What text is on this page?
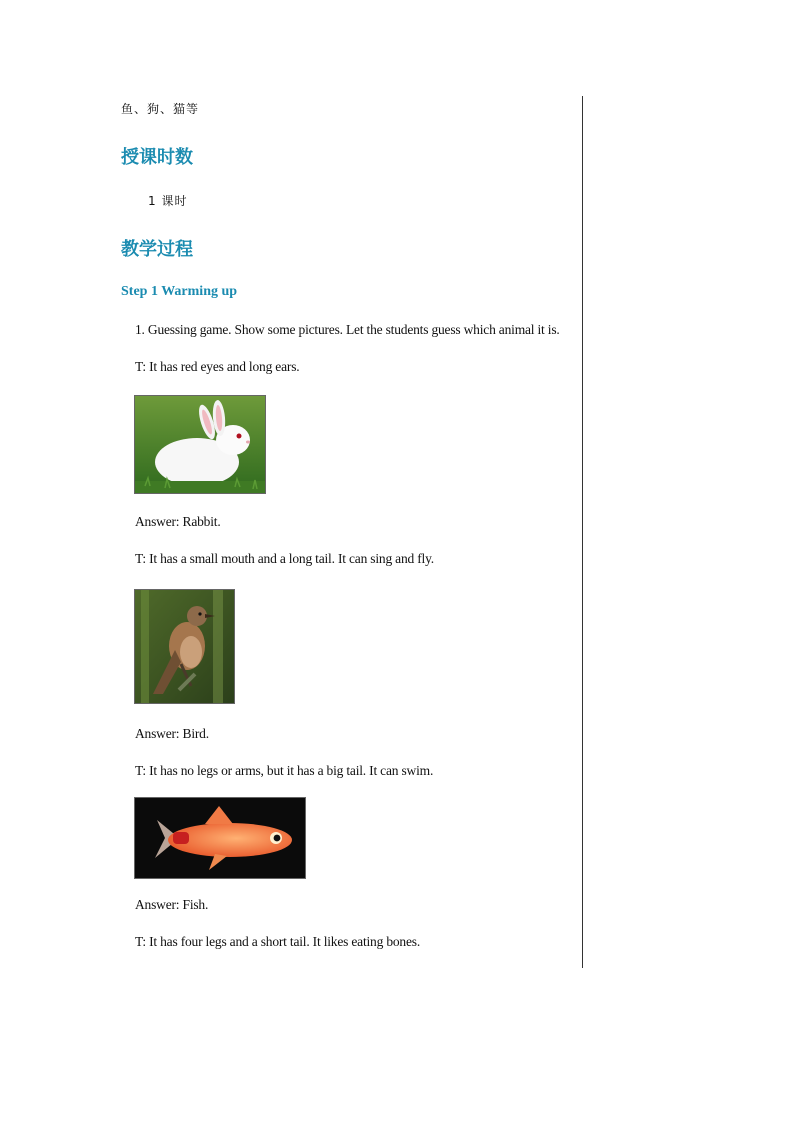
鱼、狗、猫等
授课时数
1 课时
教学过程
Step 1 Warming up
1. Guessing game. Show some pictures. Let the students guess which animal it is.
T: It has red eyes and long ears.
Answer: Rabbit.
T: It has a small mouth and a long tail. It can sing and fly.
Answer: Bird.
T: It has no legs or arms, but it has a big tail. It can swim.
Answer: Fish.
T: It has four legs and a short tail. It likes eating bones.
